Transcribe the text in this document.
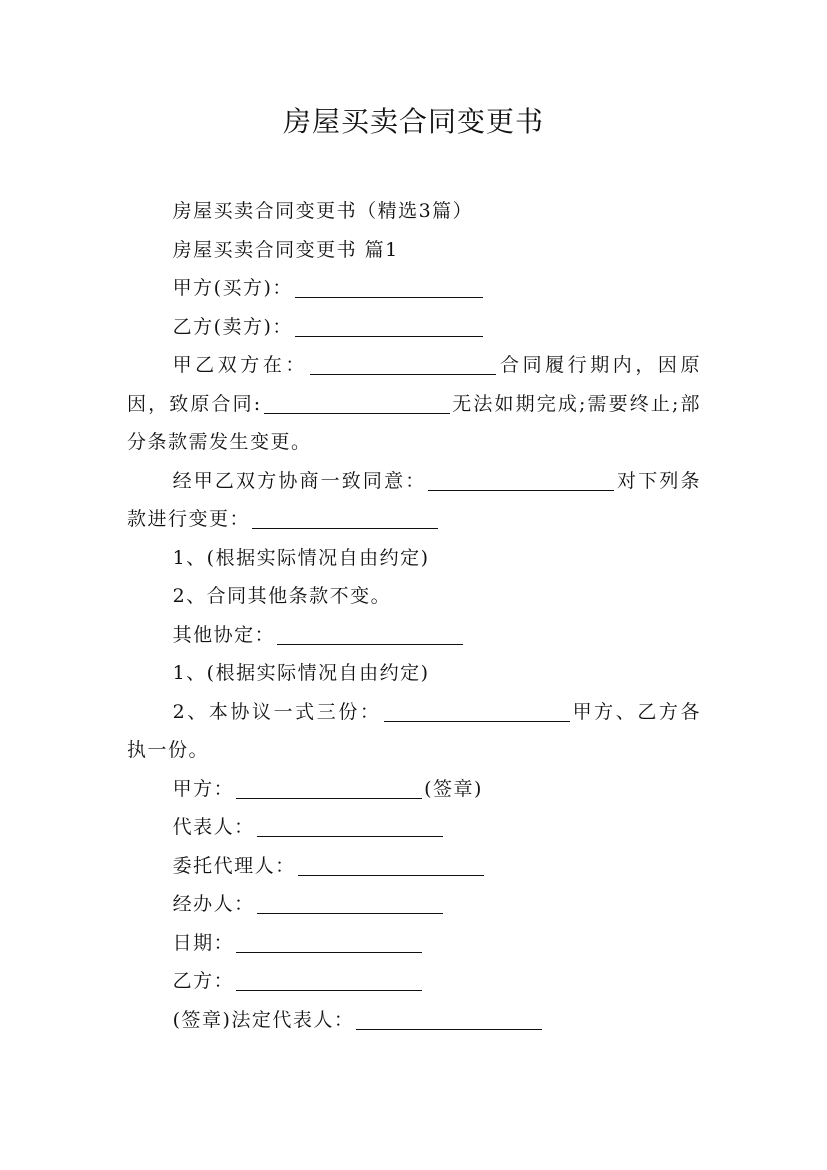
房屋买卖合同变更书

房屋买卖合同变更书（精选3篇）

房屋买卖合同变更书 篇1

甲方(买方)：

乙方(卖方)：

甲乙双方在：	合同履行期内，因原因，致原合同:	无法如期完成;需要终止;部分条款需发生变更。

经甲乙双方协商一致同意：	对下列条款进行变更：

1、(根据实际情况自由约定)

2、合同其他条款不变。

其他协定：

1、(根据实际情况自由约定)

2、本协议一式三份：	甲方、乙方各执一份。

甲方：	(签章)

代表人：

委托代理人：

经办人：

日期：

乙方：

(签章)法定代表人：
